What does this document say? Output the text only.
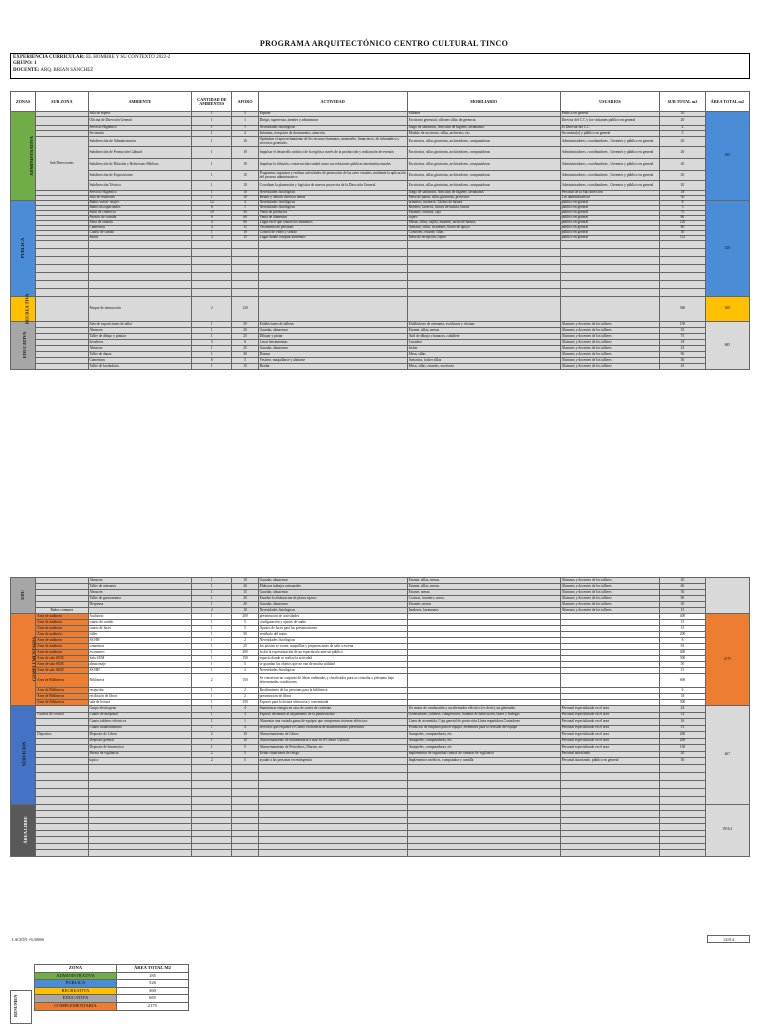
PROGRAMA ARQUITECTÓNICO CENTRO CULTURAL TINCO
EXPERIENCIA CURRICULAR: EL HOMBRE Y SU CONTEXTO 2022-2
GRUPO: 1
DOCENTE: ARQ. BRIAN SÁNCHEZ
ZONAS	SUB ZONA	AMBIENTE	CANTIDAD DE AMBIENTES	AFORO	ACTIVIDAD	MOBILIARIO	USUARIOS	SUB TOTAL m2	ÁREA TOTAL m2
ADMINISTRATIVA		Sala de espera	1	5	Esperar	Sillones	Publico en general	10	185
		Oficina de Dirección General	1	1	Dirigir, supervisar, atender y administrar	Escritorio gerencial, sillones sillas de gerencia.	Director del C.C y los visitantes público en general	20	
		Servicio Higiénico	1	1	Necesidades fisiológicas	Juego de sanitarios, Artículos de higiene, lavamanos.	El Director del C.C	2	
		Secretaría	1	4	Informar, recepción de documentos, atención.	Modulo de escritorio, sillas, archivero, etc.	Secretaria(o) y público en general	5	
	Sub Direcciones	Subdirección de Administración	1	10	Optimizar el aprovechamiento de los recursos humanos, materiales, financieros, de informática y servicios generales.	Escritorios, sillas giratorias, archivadores, computadoras	Administradores, coordinadores , Gerentes y público en general	20	
		Subdirección de Promoción Cultural	1	10	Impulsar el desarrollo artístico de la región a través de la producción y realización de eventos	Escritorios, sillas giratorias, archivadores, computadoras	Administradores, coordinadores , Gerentes y público en general	20	
		Subdirección de Difusión y Relaciones Públicas	1	10	Impulsar la difusión, conservación/cuidad como sus relaciones públicas interinstitucionales	Escritorios, sillas giratorias, archivadores, computadoras	Administradores, coordinadores , Gerentes y público en general	20	
		Subdirección de Exposiciones	1	10	Programar, organizar y realizar actividades de promoción de las artes visuales, mediante la aplicación del proceso administrativo	Escritorios, sillas giratorias, archivadores, computadoras	Administradores, coordinadores , Gerentes y público en general	20	
		Subdirección Técnica	1	10	Coordinar la planeación y logística de nuevos proyectos de la Dirección General.	Escritorios, sillas giratorias, archivadores, computadoras	Administradores, coordinadores , Gerentes y público en general	20	
		Servicio Higiénico	1	10	Necesidades fisiológicas	Juego de sanitarios, Artículos de higiene, lavamanos	Personal de la Sub dirección	18	
		Sala de reuniones	1	10	Reunir y debatir diversos temas	Mesa de juntas, sillas giratorias, proyector	Los administrativos	30	
PUBLICA		Baños varon - mujer	12	4	Necesidades fisiológicas	urinarios, inodoros. Tachos de basura	público en general	8	526
		Baños discapacitados	6	1	Necesidades fisiológicas	Retretes, lavavos, tachos de basura, barras	público en general	3	
		Salas de comercio	10	50	Venta de productos	Estantes, vitrinas, caja	público en general	75	
		Puestos de comida	8	60	Venta de alimentos	cajero	público en general	80	
		Patio de comida	4	80	Lugar en el que comen los alimentos	Mesas, sillas, vajilla, estantes, tacho de basura,	público en general	120	
		Camerinos	4	15	Vestimenta de personas	Armario, sillas, tocadores, llaves de apoyo	público en general	80	
		Cuarto de sonido	1	10	Control de video y sonido	Controles, estante, sillas	público en general	30	
		Snack	3	15	Lugar donde comprar alimentos	Mesa de recepción, cajero	público en general	112	

RECREA TIVA		Parque de interacción	2	120				360	360
EDUCATIVA		Sala de exposiciones de taller	1	50	Exhibiciones de talleres	Exhibidores de artesanía, esculturas y vitrinas	Alumnos y docentes de los talleres	150	685
		Almacen	1	20	Guardar, almacenar	Estante, sillas, mesas.	Alumnos y docentes de los talleres	35	
		Taller de dibujo y pintura	1	25	Dibujar y pintar	Atril de dibujo o banacas, caballete	Alumnos y docentes de los talleres	75	
		lavaderos	3	6	Lavar herramientas	Lavadero	Alumnos y docentes de los talleres	18	
		Almacen	1	25	Guardar, almacenar	locker	Alumnos y docentes de los talleres	25	
		Taller de danza	1	30	Danzar	Mesa, sillas	Alumnos y docentes de los talleres	90	
		Camerinos	6	5	Vestirse, maquillarse y alistarse	Armarios, locker sillas	Alumnos y docentes de los talleres	30	
		Taller de bordaduria	1	15	Bordar	Mesa, sillas, estantes, escritorio	Alumnos y docentes de los talleres	45	
EDU		Almacen	1	10	Guardar, almacenar	Estante, sillas, mesas.	Alumnos y docentes de los talleres	20	
		Taller de artesania	1	20	Elaborar trabajos artesanales	Estante, sillas, mesas.	Alumnos y docentes de los talleres	60	
		Almacen	1	15	Guardar, almacenar	Estante, mesas	Alumnos y docentes de los talleres	30	
		Taller de gastronomia	1	20	Enseñar la elaboracion de platos tipicos	Cocinas, lavadero, mesa.	Alumnos y docentes de los talleres	90	
		Despensa	1	20	Guardar, almacenar	Estantes, mesas	Alumnos y docentes de los talleres	30	
	Baños comunes		2	10	Necesidades fisiologicas	Inodoros, lavamanos	Alumnos y docentes de los talleres	15	
COMPLEMENTARIA	Area de auditorio	Auditorio	1	200	presentación de actividades			400	2175
	Area de auditorio	cuarto de sonido	1	5	configuración y ajustes de audio			15	
	Area de auditorio	cuarto de luces	1	5	Ajustes de luces para las presentaciones			15	
	Area de auditorio	foller	1	50	vestíbulo del teatro			200	
	Area de auditorio	SS.HH	1	2	Necesidades fisiológicas			8	
	Area de auditorio	camerinos	1	25	los artistas se visten, maquillan y preparan antes de salir a escena			63	
	Area de auditorio	escenarios	1	200	lu dar la representación de un espectáculo ante un público			400	
	Area de sala SUM	Sala SUM	1	150	espacio donde se realiza la actividad			300	
	Area de sala SUM	almacenaje	1	5	se guardan los objetos que no van de mucha utilidad			50	
	Area de sala SUM	SS.HH	1	2	Necesidades fisiológicas			15	
	Area de Biblioteca	Biblioteca	2	150	Se conservan un conjunto de libros ordenados y clasificados para su consulta o préstamo bajo determinadas condiciones			600	
	Area de Biblioteca	recepción	1	2	Recibimiento de las personas para la biblioteca			6	
	Area de Biblioteca	recibición de libros	1	2	presentación de libros			18	
	Area de Biblioteca	sala de lectura	1	150	Espacio para la lectura silenciosa y concentrada			300	
SERVICIOS		Grupo electrogeno	1	4	Suministrar energía en caso de cortes de corriente.	Un motor de combustión y un alternador eléctrico (es decir), un generador	Personal especializado en el area	24	467
	Cuartos de control	Cuarto de maquinal	1	3	Espacio destinado al alojamiento de la planta motriz	Generadores, calderas, compresores, bombas de lubricación, lastre y bodegas	Personal especializado en el area	12	
		Cuarto tableros eléctricos	1	1	Alimentar una variada gama de equipos que comprenan sistemas eléctricos	Línea de acometida, Caja general de protección.Línea repartidora.Contadores	Personal especializado en el area	16	
		Cuarto mantenimiento	1	4	servicios que requiera el Centro en materia de mantenimiento preventivo	Productos de limpieza para el equipo, elementos para la revisión del equipo	Personal especializado en el area	15	
	Depositos	Deposito de Libros	2	10	Almacenamiento de Libros	Anaqueles, computadoras, etc.	Personal especializado en el area	200	
		Deposito general	1	10	Almacenamiento de indumentaria a usar en el Centro Cultural.	Anaqueles, computadoras, etc.	Personal especializado en el area	200	
		Deposito de hemerotica	1	5	Almacenamiento de Periodicos, Diarios, etc.	Anaqueles, computadoras, etc.	Personal especializado en el area	150	
		Puesto de vigilancia	2	5	Evitar situaciones de riesgo	implementos de seguridad control de camaras de vigilancia	Personal autorizado	20	
		topico	2	5	ayudar a las personas en emergencia	Implementos medicos, computador y camilla	Personal autorizado, público en general	30	

ÁREA LIBRE									1916.2

LACIÓN +%3000S	1419.4
RESUMEN
ZONA	ÁREA TOTAL M2
ADMINISTRATIVA	185
PUBLICA	526
RECREATIVA	360
EDUCATIVA	685
COMPLEMENTARIA	2175
